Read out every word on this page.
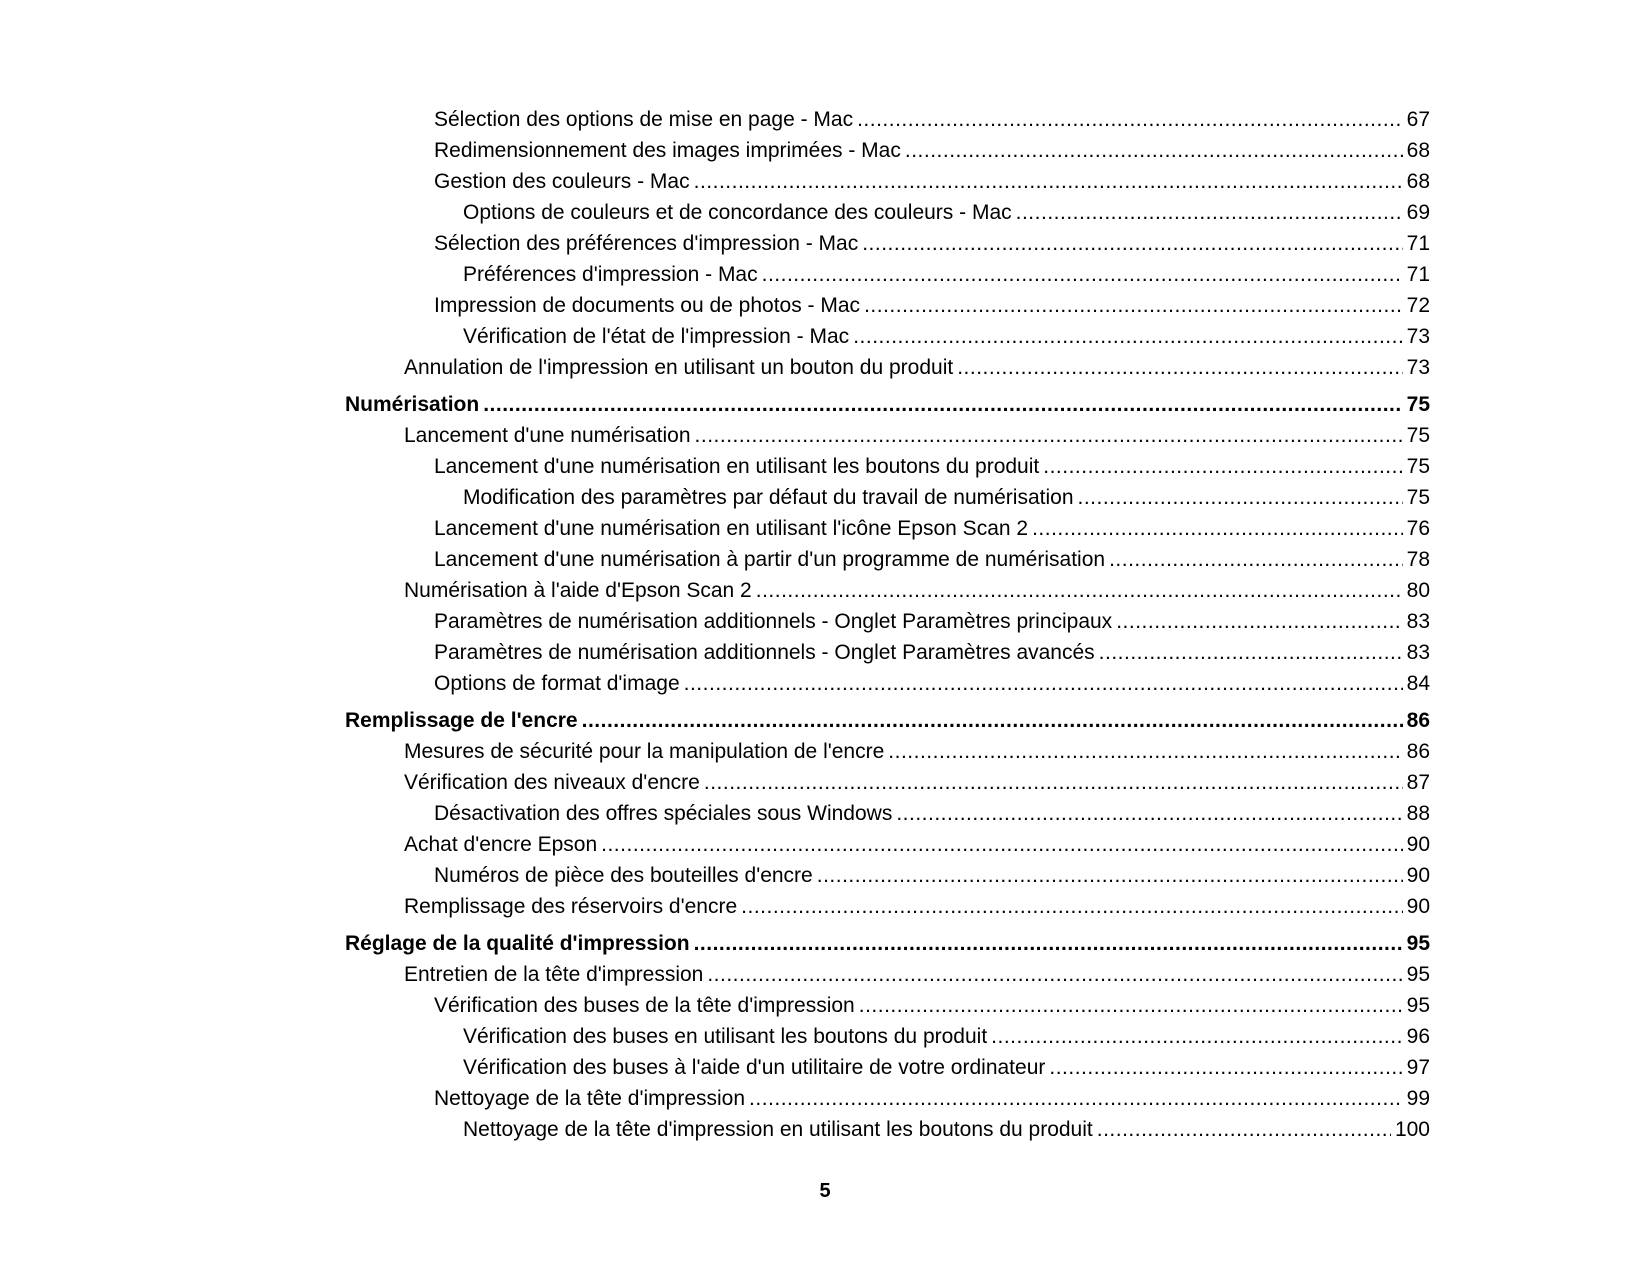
Sélection des options de mise en page - Mac .....	67
Redimensionnement des images imprimées - Mac .....	68
Gestion des couleurs - Mac .....	68
Options de couleurs et de concordance des couleurs - Mac .....	69
Sélection des préférences d'impression - Mac .....	71
Préférences d'impression - Mac .....	71
Impression de documents ou de photos - Mac .....	72
Vérification de l'état de l'impression - Mac .....	73
Annulation de l'impression en utilisant un bouton du produit .....	73
Numérisation .....	75
Lancement d'une numérisation .....	75
Lancement d'une numérisation en utilisant les boutons du produit .....	75
Modification des paramètres par défaut du travail de numérisation .....	75
Lancement d'une numérisation en utilisant l'icône Epson Scan 2 .....	76
Lancement d'une numérisation à partir d'un programme de numérisation .....	78
Numérisation à l'aide d'Epson Scan 2 .....	80
Paramètres de numérisation additionnels - Onglet Paramètres principaux .....	83
Paramètres de numérisation additionnels - Onglet Paramètres avancés .....	83
Options de format d'image .....	84
Remplissage de l'encre .....	86
Mesures de sécurité pour la manipulation de l'encre .....	86
Vérification des niveaux d'encre .....	87
Désactivation des offres spéciales sous Windows .....	88
Achat d'encre Epson .....	90
Numéros de pièce des bouteilles d'encre .....	90
Remplissage des réservoirs d'encre .....	90
Réglage de la qualité d'impression .....	95
Entretien de la tête d'impression .....	95
Vérification des buses de la tête d'impression .....	95
Vérification des buses en utilisant les boutons du produit .....	96
Vérification des buses à l'aide d'un utilitaire de votre ordinateur .....	97
Nettoyage de la tête d'impression .....	99
Nettoyage de la tête d'impression en utilisant les boutons du produit .....	100
5
